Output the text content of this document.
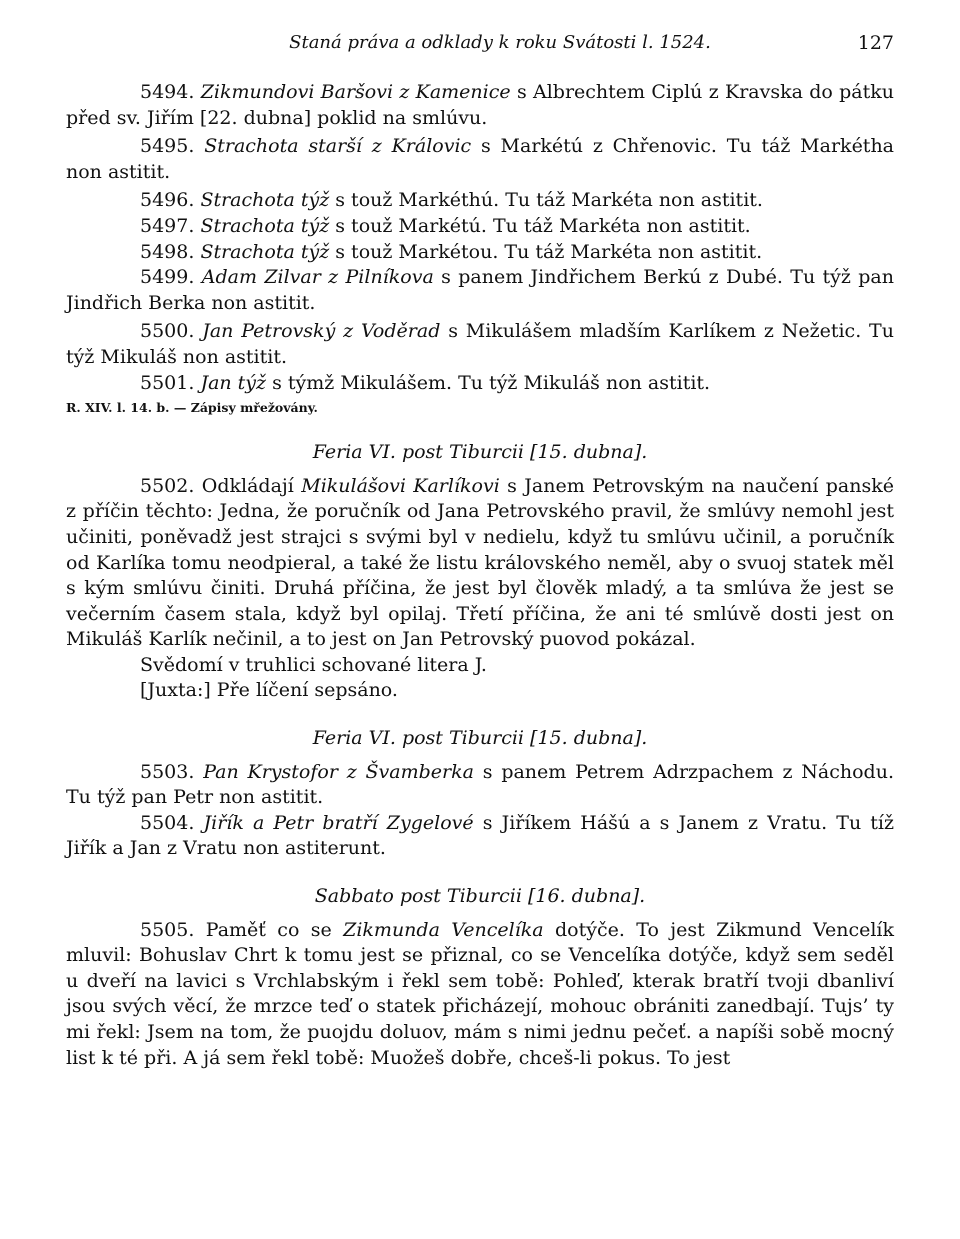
Staná práva a odklady k roku Svátosti l. 1524.	127

5494. Zikmundovi Baršovi z Kamenice s Albrechtem Ciplú z Kravska do pátku před sv. Jiřím [22. dubna] poklid na smlúvu.

5495. Strachota starší z Královic s Markétú z Chřenovic. Tu táž Markétha non astitit.

5496. Strachota týž s touž Markéthú. Tu táž Markéta non astitit.

5497. Strachota týž s touž Markétú. Tu táž Markéta non astitit.

5498. Strachota týž s touž Markétou. Tu táž Markéta non astitit.

5499. Adam Zilvar z Pilníkova s panem Jindřichem Berkú z Dubé. Tu týž pan Jindřich Berka non astitit.

5500. Jan Petrovský z Voděrad s Mikulášem mladším Karlíkem z Nežetic. Tu týž Mikuláš non astitit.

5501. Jan týž s týmž Mikulášem. Tu týž Mikuláš non astitit.

R. XIV. l. 14. b. — Zápisy mřežovány.

Feria VI. post Tiburcii [15. dubna].

5502. Odkládají Mikulášovi Karlíkovi s Janem Petrovským na naučení panské z příčin těchto: Jedna, že poručník od Jana Petrovského pravil, že smlúvy nemohl jest učiniti, poněvadž jest strajci s svými byl v nedielu, když tu smlúvu učinil, a poručník od Karlíka tomu neodpieral, a také že listu královského neměl, aby o svuoj statek měl s kým smlúvu činiti. Druhá příčina, že jest byl člověk mladý, a ta smlúva že jest se večerním časem stala, když byl opilaj. Třetí příčina, že ani té smlúvě dosti jest on Mikuláš Karlík nečinil, a to jest on Jan Petrovský puovod pokázal.

Svědomí v truhlici schované litera J.

[Juxta:] Pře líčení sepsáno.

Feria VI. post Tiburcii [15. dubna].

5503. Pan Krystofor z Švamberka s panem Petrem Adrzpachem z Náchodu. Tu týž pan Petr non astitit.

5504. Jiřík a Petr bratří Zygelové s Jiříkem Hášú a s Janem z Vratu. Tu tíž Jiřík a Jan z Vratu non astiterunt.

Sabbato post Tiburcii [16. dubna].

5505. Paměť co se Zikmunda Vencelíka dotýče. To jest Zikmund Vencelík mluvil: Bohuslav Chrt k tomu jest se přiznal, co se Vencelíka dotýče, když sem seděl u dveří na lavici s Vrchlabským i řekl sem tobě: Pohleď, kterak bratří tvoji dbanliví jsou svých věcí, že mrzce teď o statek přicházejí, mohouc obrániti zanedbají. Tujs’ ty mi řekl: Jsem na tom, že puojdu doluov, mám s nimi jednu pečeť. a napíši sobě mocný list k té při. A já sem řekl tobě: Muožeš dobře, chceš-li pokus. To jest
